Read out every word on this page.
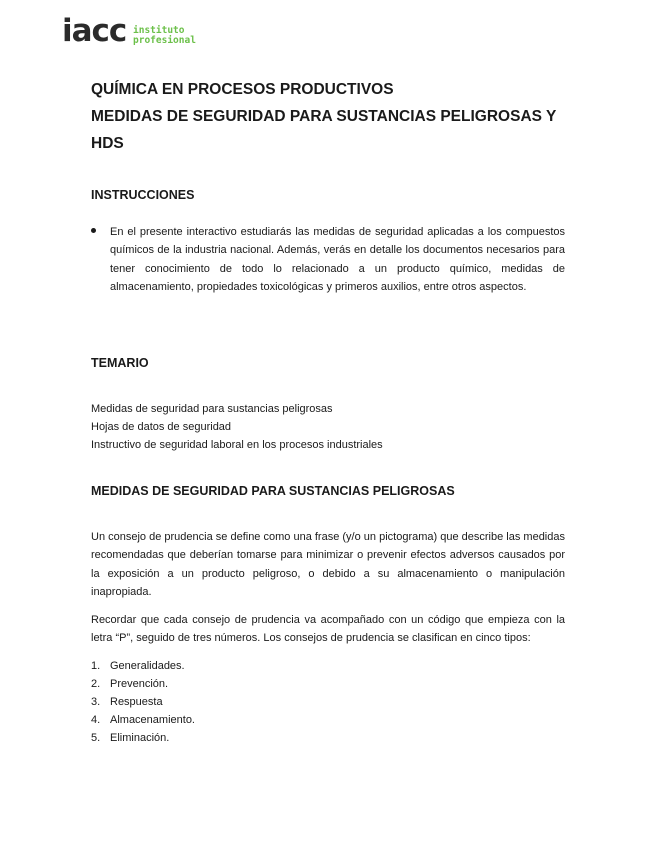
iacc instituto
profesional
QUÍMICA EN PROCESOS PRODUCTIVOS
MEDIDAS DE SEGURIDAD PARA SUSTANCIAS PELIGROSAS Y HDS
INSTRUCCIONES

En el presente interactivo estudiarás las medidas de seguridad aplicadas a los compuestos químicos de la industria nacional. Además, verás en detalle los documentos necesarios para tener conocimiento de todo lo relacionado a un producto químico, medidas de almacenamiento, propiedades toxicológicas y primeros auxilios, entre otros aspectos.

TEMARIO

Medidas de seguridad para sustancias peligrosas

Hojas de datos de seguridad

Instructivo de seguridad laboral en los procesos industriales

MEDIDAS DE SEGURIDAD PARA SUSTANCIAS PELIGROSAS

Un consejo de prudencia se define como una frase (y/o un pictograma) que describe las medidas recomendadas que deberían tomarse para minimizar o prevenir efectos adversos causados por la exposición a un producto peligroso, o debido a su almacenamiento o manipulación inapropiada.

Recordar que cada consejo de prudencia va acompañado con un código que empieza con la letra “P”, seguido de tres números. Los consejos de prudencia se clasifican en cinco tipos:

1. Generalidades.
2. Prevención.
3. Respuesta
4. Almacenamiento.
5. Eliminación.
